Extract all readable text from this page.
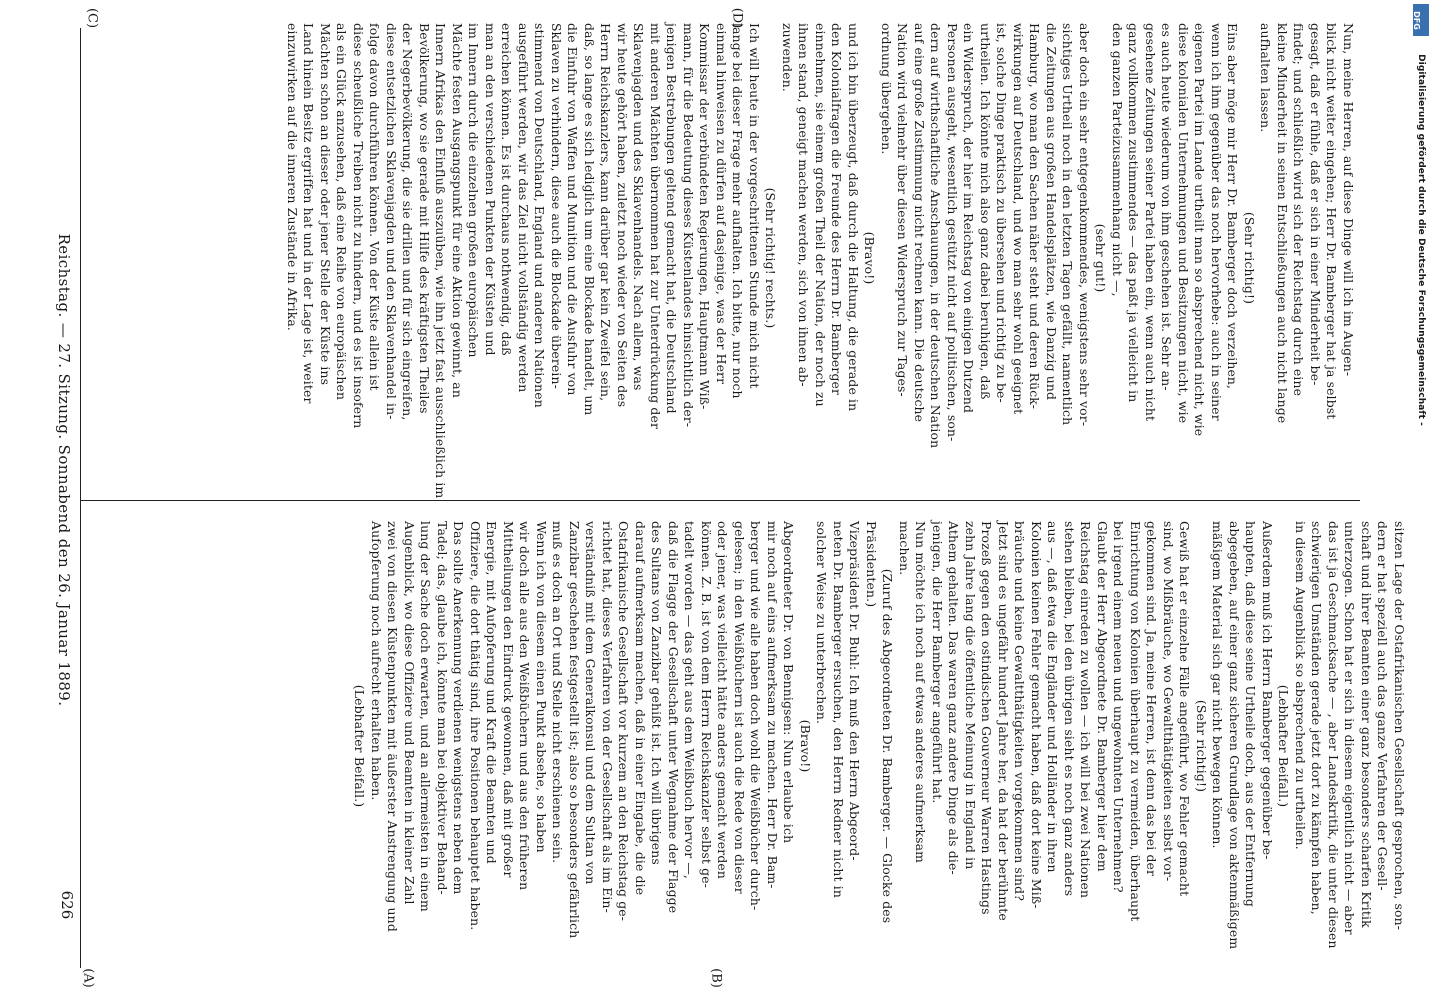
626
Reichstag. — 27. Sitzung. Sonnabend den 26. Januar 1889.
(A)	(B)
(C)	(D)
sitzen Lage der Ostafrikanischen Gesellschaft gesprochen, son-
dern er hat speziell auch das ganze Verfahren der Gesell-
schaft und ihrer Beamten einer ganz besonders scharfen Kritik
unterzogen. Schon hat er sich in diesem eigentlich nicht — aber
das ist ja Geschmacksache — , aber Landeskritik, die unter diesen
schwierigen Umständen gerade jetzt dort zu kämpfen haben,
in diesem Augenblick so absprechend zu urtheilen.
(Lebhafter Beifall.)
Außerdem muß ich Herrn Bamberger gegenüber be-
haupten, daß diese seine Urtheile doch, aus der Entfernung
abgegeben, auf einer ganz sicheren Grundlage von aktenmäßigem
mäßigem Material sich gar nicht bewegen können.
(Sehr richtig!)
Gewiß hat er einzelne Fälle angeführt, wo Fehler gemacht
sind, wo Mißbräuche, wo Gewaltthätigkeiten selbst vor-
gekommen sind. Ja, meine Herren, ist denn das bei der
Einrichtung von Kolonien überhaupt zu vermeiden, überhaupt
bei irgend einem neuen und ungewohnten Unternehmen?
Glaubt der Herr Abgeordnete Dr. Bamberger hier dem
Reichstag einreden zu wollen — ich will bei zwei Nationen
stehen bleiben, bei den übrigen sieht es noch ganz anders
aus —, daß etwa die Engländer und Holländer in ihren
Kolonien keinen Fehler gemacht haben, daß dort keine Miß-
bräuche und keine Gewaltthätigkeiten vorgekommen sind?
Jetzt sind es ungefähr hundert Jahre her, da hat der berühmte
Prozeß gegen den ostindischen Gouverneur Warren Hastings
zehn Jahre lang die öffentliche Meinung in England in
Athem gehalten. Das waren ganz andere Dinge als die-
jenigen, die Herr Bamberger angeführt hat.
Nun möchte ich noch auf etwas anderes aufmerksam
machen.
(Zuruf des Abgeordneten Dr. Bamberger. — Glocke des
Präsidenten.)
Vizepräsident Dr. Buhl: Ich muß den Herrn Abgeord-
neten Dr. Bamberger ersuchen, den Herrn Redner nicht in
solcher Weise zu unterbrechen.
(Bravo!)
Abgeordneter Dr. von Bennigsen: Nun erlaube ich
mir noch auf eins aufmerksam zu machen. Herr Dr. Bam-
berger und wie alle haben doch wohl die Weißbücher durch-
gelesen; in den Weißbüchern ist auch die Rede von dieser
oder jener, was vielleicht hätte anders gemacht werden
können. Z. B. ist von dem Herrn Reichskanzler selbst ge-
tadelt worden — das geht aus dem Weißbuch hervor —,
daß die Flagge der Gesellschaft unter Wegnahme der Flagge
des Sultans von Zanzibar gehißt ist. Ich will übrigens
darauf aufmerksam machen, daß in einer Eingabe, die die
Ostafrikanische Gesellschaft vor kurzem an den Reichstag ge-
richtet hat, dieses Verfahren von der Gesellschaft als im Ein-
verständniß mit dem Generalkonsul und dem Sultan von
Zanzibar geschehen festgestellt ist; also so besonders gefährlich
muß es doch an Ort und Stelle nicht erschienen sein.
Wenn ich von diesem einen Punkt absehe, so haben
wir doch alle aus den Weißbüchern und aus den früheren
Mittheilungen den Eindruck gewonnen, daß mit großer
Energie, mit Aufopferung und Kraft die Beamten und
Offiziere, die dort thätig sind, ihre Positionen behauptet haben.
Das sollte Anerkennung verdienen wenigstens neben dem
Tadel; das, glaube ich, könnte man bei objektiver Behand-
lung der Sache doch erwarten, und an allermeisten in einem
Augenblick, wo diese Offiziere und Beamten in kleiner Zahl
zwei von diesen Küstenpunkten mit äußerster Anstrengung und
Aufopferung noch aufrecht erhalten haben.
(Lebhafter Beifall.)
Nun, meine Herren, auf diese Dinge will ich im Augen-
blick nicht weiter eingehen; Herr Dr. Bamberger hat ja selbst
gesagt, daß er fühle, daß er sich in einer Minderheit be-
findet; und schließlich wird sich der Reichstag durch eine
kleine Minderheit in seinen Entschließungen auch nicht lange
aufhalten lassen.
(Sehr richtig!)
Eins aber möge mir Herr Dr. Bamberger doch verzeihen,
wenn ich ihm gegenüber das noch hervorhebe: auch in seiner
eigenen Partei im Lande urtheilt man so absprechend nicht, wie
diese kolonialen Unternehmungen und Besitzungen nicht, wie
es auch heute wiederum von ihm geschehen ist. Sehr an-
gesehene Zeitungen seiner Partei haben ein, wenn auch nicht
ganz vollkommen zustimmendes — das paßt ja vielleicht in
den ganzen Parteizusammenhang nicht —,
(sehr gut!)
aber doch ein sehr entgegenkommendes, wenigstens sehr vor-
sichtiges Urtheil noch in den letzten Tagen gefällt, namentlich
die Zeitungen aus großen Handelsplätzen, wie Danzig und
Hamburg, wo man den Sachen näher steht und deren Rück-
wirkungen auf Deutschland, und wo man sehr wohl geeignet
ist, solche Dinge praktisch zu übersehen und richtig zu be-
urtheilen. Ich könnte mich also ganz dabei beruhigen, daß
ein Widerspruch, der hier im Reichstag von einigen Dutzend
Personen ausgeht, wesentlich gestützt nicht auf politischen, son-
dern auf wirthschaftliche Anschauungen, in der deutschen Nation
auf eine große Zustimmung nicht rechnen kann. Die deutsche
Nation wird vielmehr über diesen Widerspruch zur Tages-
ordnung übergehen.
(Bravo!)
und ich bin überzeugt, daß durch die Haltung, die gerade in
den Kolonialfragen die Freunde des Herrn Dr. Bamberger
einnehmen, sie einem großen Theil der Nation, der noch zu
ihnen stand, geneigt machen werden, sich von ihnen ab-
zuwenden.
(Sehr richtig! rechts.)
Ich will heute in der vorgeschrittenen Stunde mich nicht
lange bei dieser Frage mehr aufhalten. Ich bitte, nur noch
einmal hinweisen zu dürfen auf dasjenige, was der Herr
Kommissar der verbündeten Regierungen, Hauptmann Wiß-
mann, für die Bedeutung dieses Küstenlandes hinsichtlich der-
jenigen Bestrebungen geltend gemacht hat, die Deutschland
mit anderen Mächten übernommen hat zur Unterdrückung der
Sklavenjagden und des Sklavenhandels. Nach allem, was
wir heute gehört haben, zuletzt noch wieder von Seiten des
Herrn Reichskanzlers, kann darüber gar kein Zweifel sein,
daß, so lange es sich lediglich um eine Blockade handelt, um
die Einfuhr von Waffen und Munition und die Ausfuhr von
Sklaven zu verhindern, diese auch die Blockade überein-
stimmend von Deutschland, England und anderen Nationen
ausgeführt werden, wir das Ziel nicht vollständig werden
erreichen können. Es ist durchaus nothwendig, daß
man an den verschiedenen Punkten der Küsten und
im Innern durch die einzelnen großen europäischen
Mächte festen Ausgangspunkt für eine Aktion gewinnt, an
Innern Afrikas den Einfluß auszuüben, wie ihn jetzt fast ausschließlich im
Bevölkerung, wo sie gerade mit Hilfe des kräftigsten Theiles
der Negerbevölkerung, die sie drillen und für sich eingreifen,
diese entsetzlichen Sklavenjagden und den Sklavenhandel in-
folge davon durchführen können. Von der Küste allein ist
diese scheußliche Treiben nicht zu hindern, und es ist insofern
als ein Glück anzusehen, daß eine Reihe von europäischen
Mächten schon an dieser oder jener Stelle der Küste ins
Land hinein Besitz ergriffen hat und in der Lage ist, weiter
einzuwirken auf die inneren Zustände in Afrika.	Digitalisierung gefördert durch die Deutsche Forschungsgemeinschaft -
DFG
